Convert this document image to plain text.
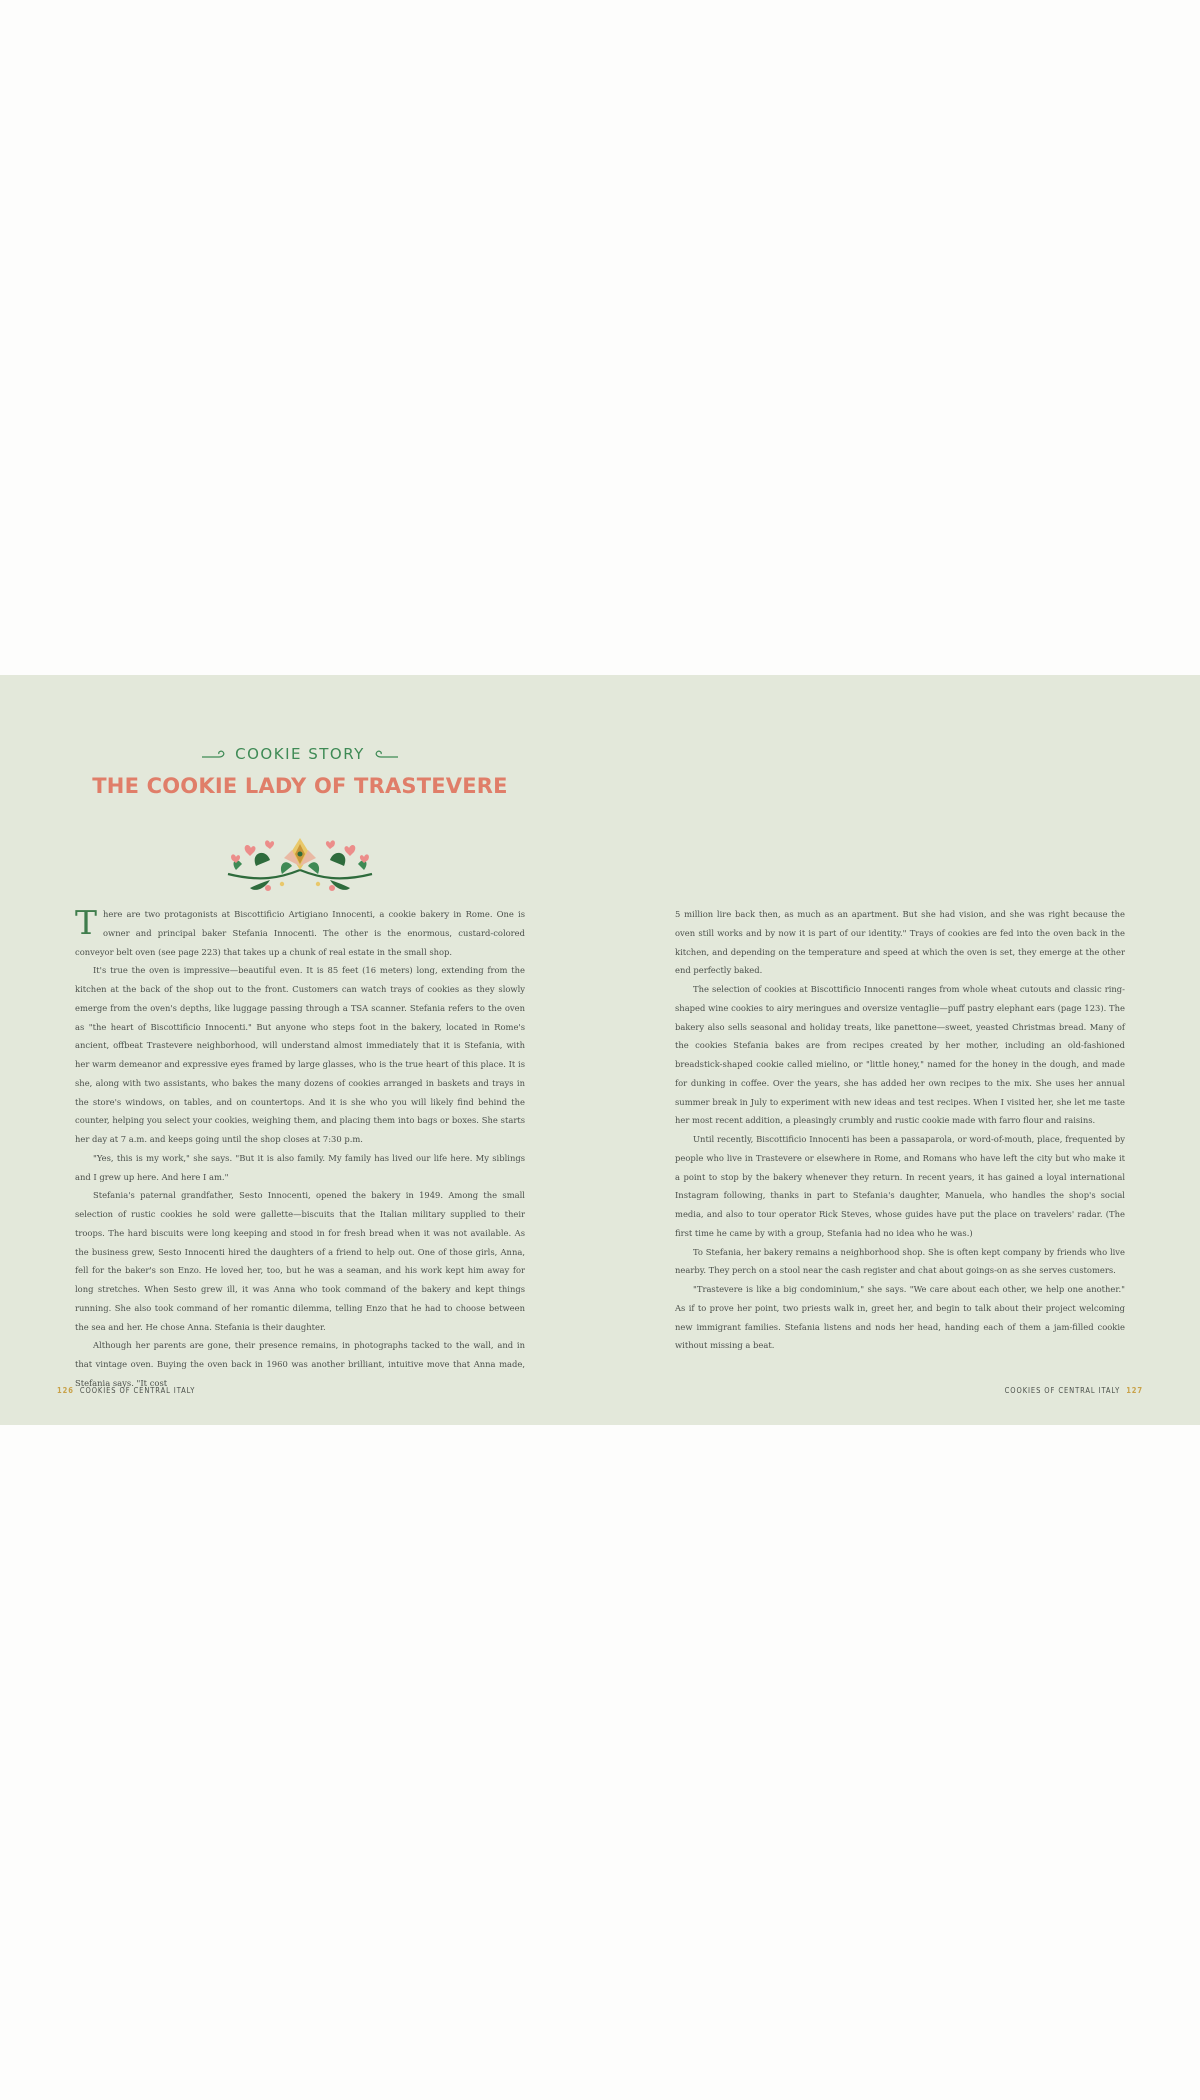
COOKIE STORY
THE COOKIE LADY OF TRASTEVERE

There are two protagonists at Biscottificio Artigiano Innocenti, a cookie bakery in Rome. One is owner and principal baker Stefania Innocenti. The other is the enormous, custard-colored conveyor belt oven (see page 223) that takes up a chunk of real estate in the small shop.

It's true the oven is impressive—beautiful even. It is 85 feet (16 meters) long, extending from the kitchen at the back of the shop out to the front. Customers can watch trays of cookies as they slowly emerge from the oven's depths, like luggage passing through a TSA scanner. Stefania refers to the oven as "the heart of Biscottificio Innocenti." But anyone who steps foot in the bakery, located in Rome's ancient, offbeat Trastevere neighborhood, will understand almost immediately that it is Stefania, with her warm demeanor and expressive eyes framed by large glasses, who is the true heart of this place. It is she, along with two assistants, who bakes the many dozens of cookies arranged in baskets and trays in the store's windows, on tables, and on countertops. And it is she who you will likely find behind the counter, helping you select your cookies, weighing them, and placing them into bags or boxes. She starts her day at 7 a.m. and keeps going until the shop closes at 7:30 p.m.

"Yes, this is my work," she says. "But it is also family. My family has lived our life here. My siblings and I grew up here. And here I am."

Stefania's paternal grandfather, Sesto Innocenti, opened the bakery in 1949. Among the small selection of rustic cookies he sold were gallette—biscuits that the Italian military supplied to their troops. The hard biscuits were long keeping and stood in for fresh bread when it was not available. As the business grew, Sesto Innocenti hired the daughters of a friend to help out. One of those girls, Anna, fell for the baker's son Enzo. He loved her, too, but he was a seaman, and his work kept him away for long stretches. When Sesto grew ill, it was Anna who took command of the bakery and kept things running. She also took command of her romantic dilemma, telling Enzo that he had to choose between the sea and her. He chose Anna. Stefania is their daughter.

Although her parents are gone, their presence remains, in photographs tacked to the wall, and in that vintage oven. Buying the oven back in 1960 was another brilliant, intuitive move that Anna made, Stefania says. "It cost

5 million lire back then, as much as an apartment. But she had vision, and she was right because the oven still works and by now it is part of our identity." Trays of cookies are fed into the oven back in the kitchen, and depending on the temperature and speed at which the oven is set, they emerge at the other end perfectly baked.

The selection of cookies at Biscottificio Innocenti ranges from whole wheat cutouts and classic ring-shaped wine cookies to airy meringues and oversize ventaglie—puff pastry elephant ears (page 123). The bakery also sells seasonal and holiday treats, like panettone—sweet, yeasted Christmas bread. Many of the cookies Stefania bakes are from recipes created by her mother, including an old-fashioned breadstick-shaped cookie called mielino, or "little honey," named for the honey in the dough, and made for dunking in coffee. Over the years, she has added her own recipes to the mix. She uses her annual summer break in July to experiment with new ideas and test recipes. When I visited her, she let me taste her most recent addition, a pleasingly crumbly and rustic cookie made with farro flour and raisins.

Until recently, Biscottificio Innocenti has been a passaparola, or word-of-mouth, place, frequented by people who live in Trastevere or elsewhere in Rome, and Romans who have left the city but who make it a point to stop by the bakery whenever they return. In recent years, it has gained a loyal international Instagram following, thanks in part to Stefania's daughter, Manuela, who handles the shop's social media, and also to tour operator Rick Steves, whose guides have put the place on travelers' radar. (The first time he came by with a group, Stefania had no idea who he was.)

To Stefania, her bakery remains a neighborhood shop. She is often kept company by friends who live nearby. They perch on a stool near the cash register and chat about goings-on as she serves customers.

"Trastevere is like a big condominium," she says. "We care about each other, we help one another." As if to prove her point, two priests walk in, greet her, and begin to talk about their project welcoming new immigrant families. Stefania listens and nods her head, handing each of them a jam-filled cookie without missing a beat.

126 COOKIES OF CENTRAL ITALY	COOKIES OF CENTRAL ITALY 127
